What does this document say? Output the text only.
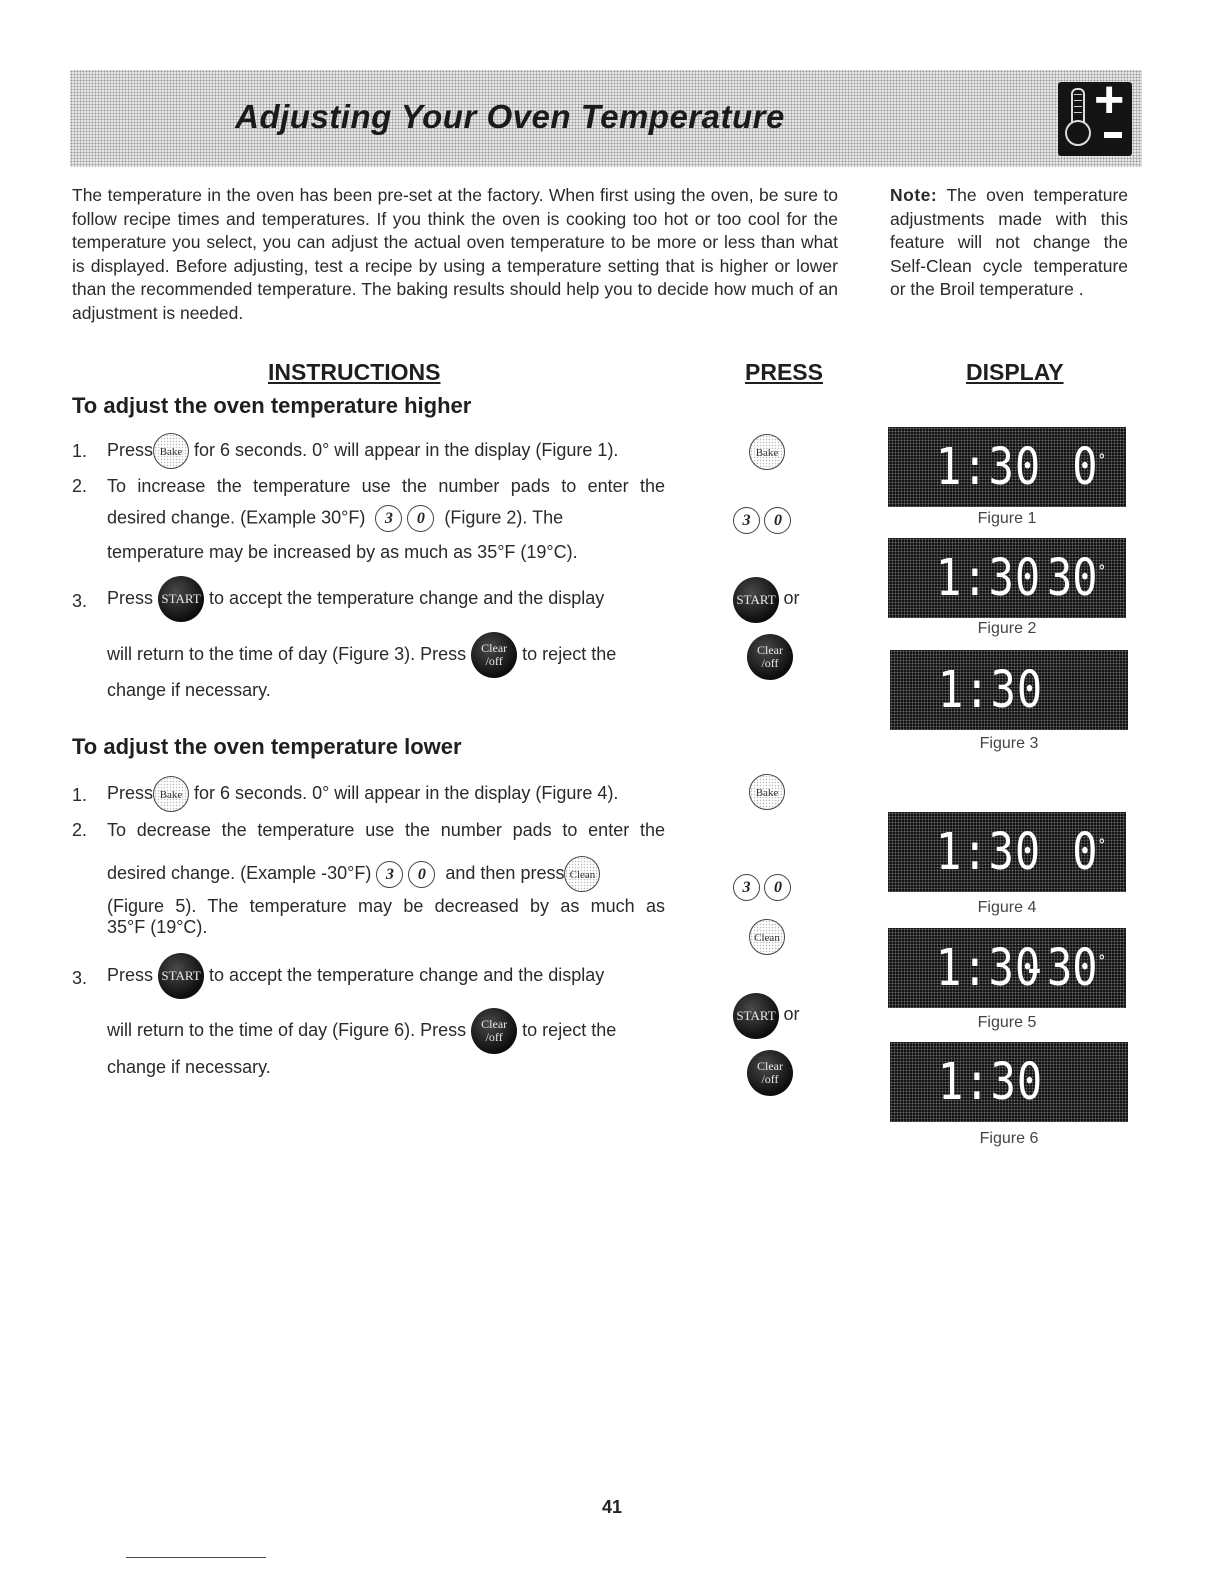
Adjusting Your Oven Temperature	+
The temperature in the oven has been pre-set at the factory. When first using the oven, be sure to follow recipe times and temperatures. If you think the oven is cooking too hot or too cool for the temperature you select, you can adjust the actual oven temperature to be more or less than what is displayed. Before adjusting, test a recipe by using a temperature setting that is higher or lower than the recommended temperature. The baking results should help you to decide how much of an adjustment is needed.
Note: The oven temperature adjustments made with this feature will not change the Self-Clean cycle temperature or the Broil temperature .
INSTRUCTIONS	PRESS	DISPLAY
To adjust the oven temperature higher
1. Press Bake for 6 seconds. 0° will appear in the display (Figure 1).
2. To increase the temperature use the number pads to enter the
desired change. (Example 30°F) 3 0 (Figure 2). The
temperature may be increased by as much as 35°F (19°C).
3. Press START to accept the temperature change and the display
will return to the time of day (Figure 3). Press Clear
/off to reject the
change if necessary.
Bake
3 0
START or
Clear
/off
To adjust the oven temperature lower
1. Press Bake for 6 seconds. 0° will appear in the display (Figure 4).
2. To decrease the temperature use the number pads to enter the
desired change. (Example -30°F) 3 0 and then press Clean
(Figure 5). The temperature may be decreased by as much as
35°F (19°C).
3. Press START to accept the temperature change and the display
will return to the time of day (Figure 6). Press Clear
/off to reject the
change if necessary.
Bake
3 0
Clean
START or
Clear
/off
1:30 0°
Figure 1
1:30 30°
Figure 2
1:30
Figure 3
1:30 0°
Figure 4
1:30
-30°
Figure 5
1:30
Figure 6
41
